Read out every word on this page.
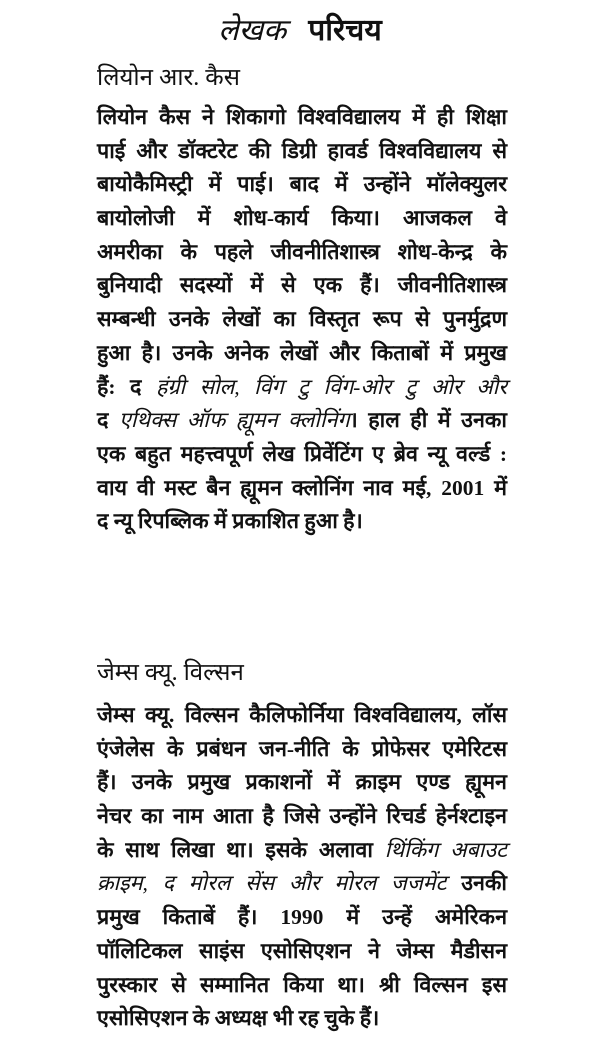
लेखक परिचय
लियोन आर. कैस
लियोन कैस ने शिकागो विश्वविद्यालय में ही शिक्षा
पाई और डॉक्टरेट की डिग्री हावर्ड विश्वविद्यालय से
बायोकैमिस्ट्री में पाई। बाद में उन्होंने मॉलेक्युलर
बायोलोजी में शोध-कार्य किया। आजकल वे
अमरीका के पहले जीवनीतिशास्त्र शोध-केन्द्र के
बुनियादी सदस्यों में से एक हैं। जीवनीतिशास्त्र
सम्बन्धी उनके लेखों का विस्तृत रूप से पुनर्मुद्रण
हुआ है। उनके अनेक लेखों और किताबों में प्रमुख
हैं: द हंग्री सोल, विंग टु विंग-ओर टु ओर और
द एथिक्स ऑफ ह्यूमन क्लोनिंग। हाल ही में उनका
एक बहुत महत्त्वपूर्ण लेख प्रिवेंटिंग ए ब्रेव न्यू वर्ल्ड :
वाय वी मस्ट बैन ह्यूमन क्लोनिंग नाव मई, 2001 में
द न्यू रिपब्लिक में प्रकाशित हुआ है।
जेम्स क्यू. विल्सन
जेम्स क्यू. विल्सन कैलिफोर्निया विश्वविद्यालय, लॉस
एंजेलेस के प्रबंधन जन-नीति के प्रोफेसर एमेरिटस
हैं। उनके प्रमुख प्रकाशनों में क्राइम एण्ड ह्यूमन
नेचर का नाम आता है जिसे उन्होंने रिचर्ड हेर्नश्टाइन
के साथ लिखा था। इसके अलावा थिंकिंग अबाउट
क्राइम, द मोरल सेंस और मोरल जजमेंट उनकी
प्रमुख किताबें हैं। 1990 में उन्हें अमेरिकन
पॉलिटिकल साइंस एसोसिएशन ने जेम्स मैडीसन
पुरस्कार से सम्मानित किया था। श्री विल्सन इस
एसोसिएशन के अध्यक्ष भी रह चुके हैं।
